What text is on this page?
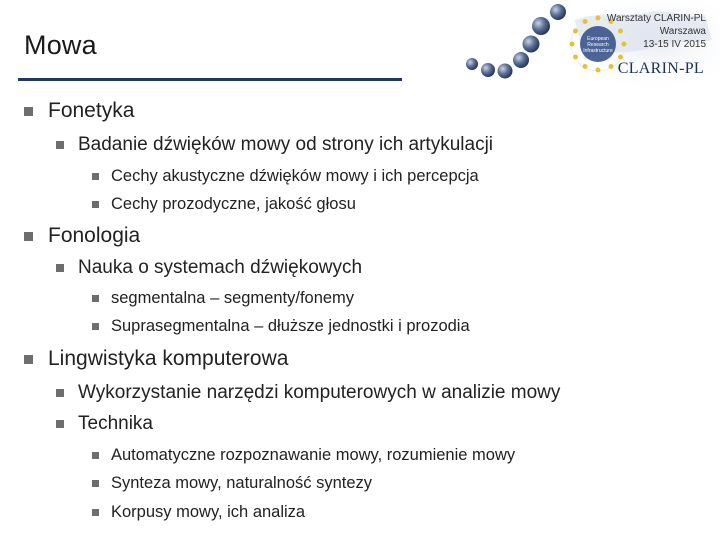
Mowa	European
Research
Infrastructure
Warsztaty CLARIN-PL
Warszawa
13-15 IV 2015
CLARIN-PL
Fonetyka
Badanie dźwięków mowy od strony ich artykulacji
Cechy akustyczne dźwięków mowy i ich percepcja
Cechy prozodyczne, jakość głosu
Fonologia
Nauka o systemach dźwiękowych
segmentalna – segmenty/fonemy
Suprasegmentalna – dłuższe jednostki i prozodia
Lingwistyka komputerowa
Wykorzystanie narzędzi komputerowych w analizie mowy
Technika
Automatyczne rozpoznawanie mowy, rozumienie mowy
Synteza mowy, naturalność syntezy
Korpusy mowy, ich analiza
